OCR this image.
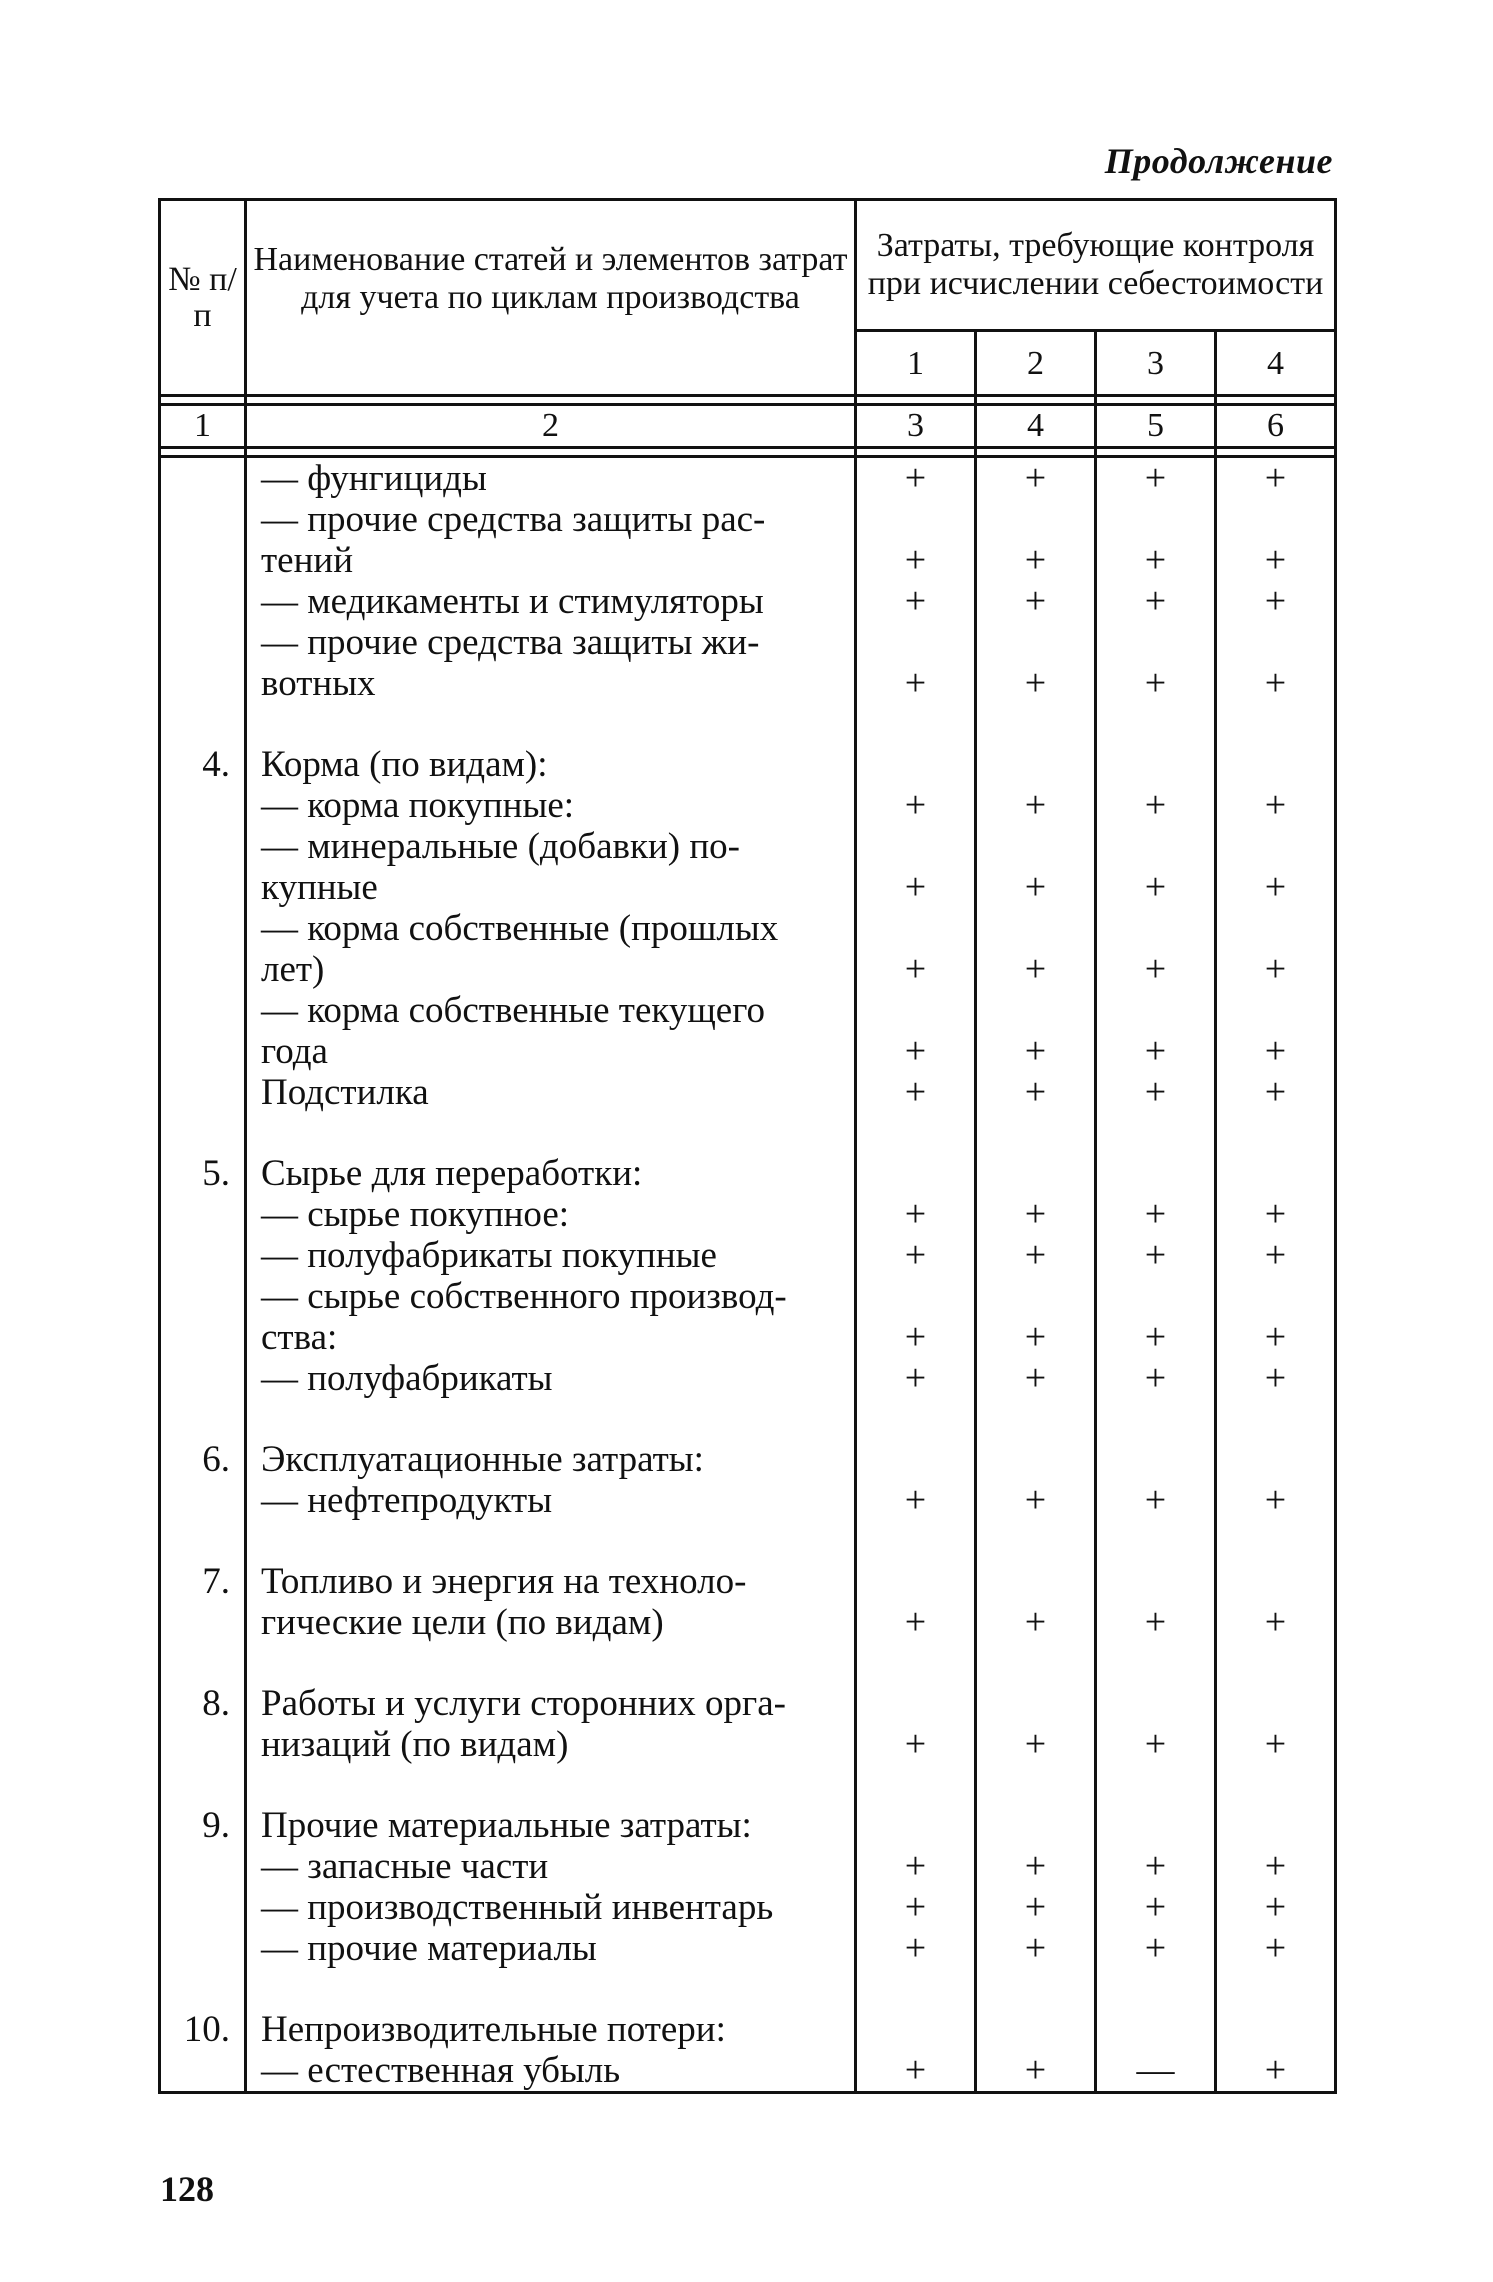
Продолжение
№ п/п	Наименование статей и элементов затрат для учета по циклам производства	Затраты, требующие контроля при исчислении себестоимости			
		1	2	3	4

1	2	3	4	5	6

	— фунгициды	+	+	+	+
	— прочие средства защиты рас-				
	тений	+	+	+	+
	— медикаменты и стимуляторы	+	+	+	+
	— прочие средства защиты жи-				
	вотных	+	+	+	+

4.	Корма (по видам):				
	— корма покупные:	+	+	+	+
	— минеральные (добавки) по-				
	купные	+	+	+	+
	— корма собственные (прошлых				
	лет)	+	+	+	+
	— корма собственные текущего				
	года	+	+	+	+
	Подстилка	+	+	+	+

5.	Сырье для переработки:				
	— сырье покупное:	+	+	+	+
	— полуфабрикаты покупные	+	+	+	+
	— сырье собственного производ-				
	ства:	+	+	+	+
	— полуфабрикаты	+	+	+	+

6.	Эксплуатационные затраты:				
	— нефтепродукты	+	+	+	+

7.	Топливо и энергия на техноло-				
	гические цели (по видам)	+	+	+	+

8.	Работы и услуги сторонних орга-				
	низаций (по видам)	+	+	+	+

9.	Прочие материальные затраты:				
	— запасные части	+	+	+	+
	— производственный инвентарь	+	+	+	+
	— прочие материалы	+	+	+	+

10.	Непроизводительные потери:				
	— естественная убыль	+	+	—	+
128
